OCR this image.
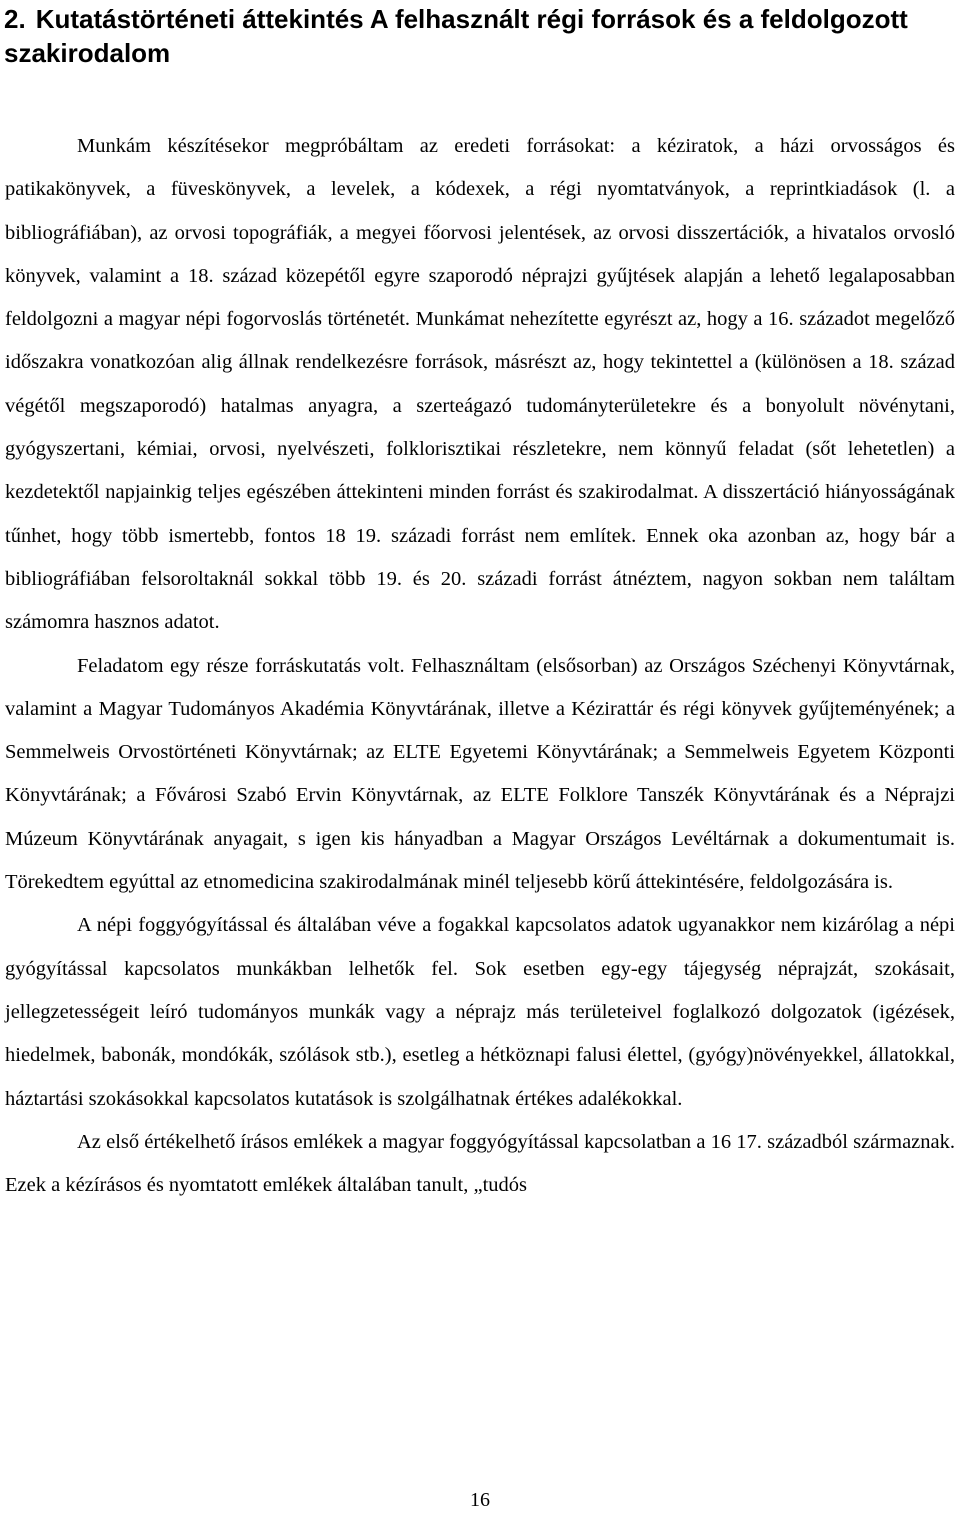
2. Kutatástörténeti áttekintés A felhasznált régi források és a feldolgozott szakirodalom

Munkám készítésekor megpróbáltam az eredeti forrásokat: a kéziratok, a házi orvosságos és patikakönyvek, a füveskönyvek, a levelek, a kódexek, a régi nyomtatványok, a reprintkiadások (l. a bibliográfiában), az orvosi topográfiák, a megyei főorvosi jelentések, az orvosi disszertációk, a hivatalos orvosló könyvek, valamint a 18. század közepétől egyre szaporodó néprajzi gyűjtések alapján a lehető legalaposabban feldolgozni a magyar népi fogorvoslás történetét. Munkámat nehezítette egyrészt az, hogy a 16. századot megelőző időszakra vonatkozóan alig állnak rendelkezésre források, másrészt az, hogy tekintettel a (különösen a 18. század végétől megszaporodó) hatalmas anyagra, a szerteágazó tudományterületekre és a bonyolult növénytani, gyógyszertani, kémiai, orvosi, nyelvészeti, folklorisztikai részletekre, nem könnyű feladat (sőt lehetetlen) a kezdetektől napjainkig teljes egészében áttekinteni minden forrást és szakirodalmat. A disszertáció hiányosságának tűnhet, hogy több ismertebb, fontos 18 19. századi forrást nem említek. Ennek oka azonban az, hogy bár a bibliográfiában felsoroltaknál sokkal több 19. és 20. századi forrást átnéztem, nagyon sokban nem találtam számomra hasznos adatot.

Feladatom egy része forráskutatás volt. Felhasználtam (elsősorban) az Országos Széchenyi Könyvtárnak, valamint a Magyar Tudományos Akadémia Könyvtárának, illetve a Kézirattár és régi könyvek gyűjteményének; a Semmelweis Orvostörténeti Könyvtárnak; az ELTE Egyetemi Könyvtárának; a Semmelweis Egyetem Központi Könyvtárának; a Fővárosi Szabó Ervin Könyvtárnak, az ELTE Folklore Tanszék Könyvtárának és a Néprajzi Múzeum Könyvtárának anyagait, s igen kis hányadban a Magyar Országos Levéltárnak a dokumentumait is. Törekedtem egyúttal az etnomedicina szakirodalmának minél teljesebb körű áttekintésére, feldolgozására is.

A népi foggyógyítással és általában véve a fogakkal kapcsolatos adatok ugyanakkor nem kizárólag a népi gyógyítással kapcsolatos munkákban lelhetők fel. Sok esetben egy-egy tájegység néprajzát, szokásait, jellegzetességeit leíró tudományos munkák vagy a néprajz más területeivel foglalkozó dolgozatok (igézések, hiedelmek, babonák, mondókák, szólások stb.), esetleg a hétköznapi falusi élettel, (gyógy)növényekkel, állatokkal, háztartási szokásokkal kapcsolatos kutatások is szolgálhatnak értékes adalékokkal.

Az első értékelhető írásos emlékek a magyar foggyógyítással kapcsolatban a 16 17. századból származnak. Ezek a kézírásos és nyomtatott emlékek általában tanult, „tudós

16
